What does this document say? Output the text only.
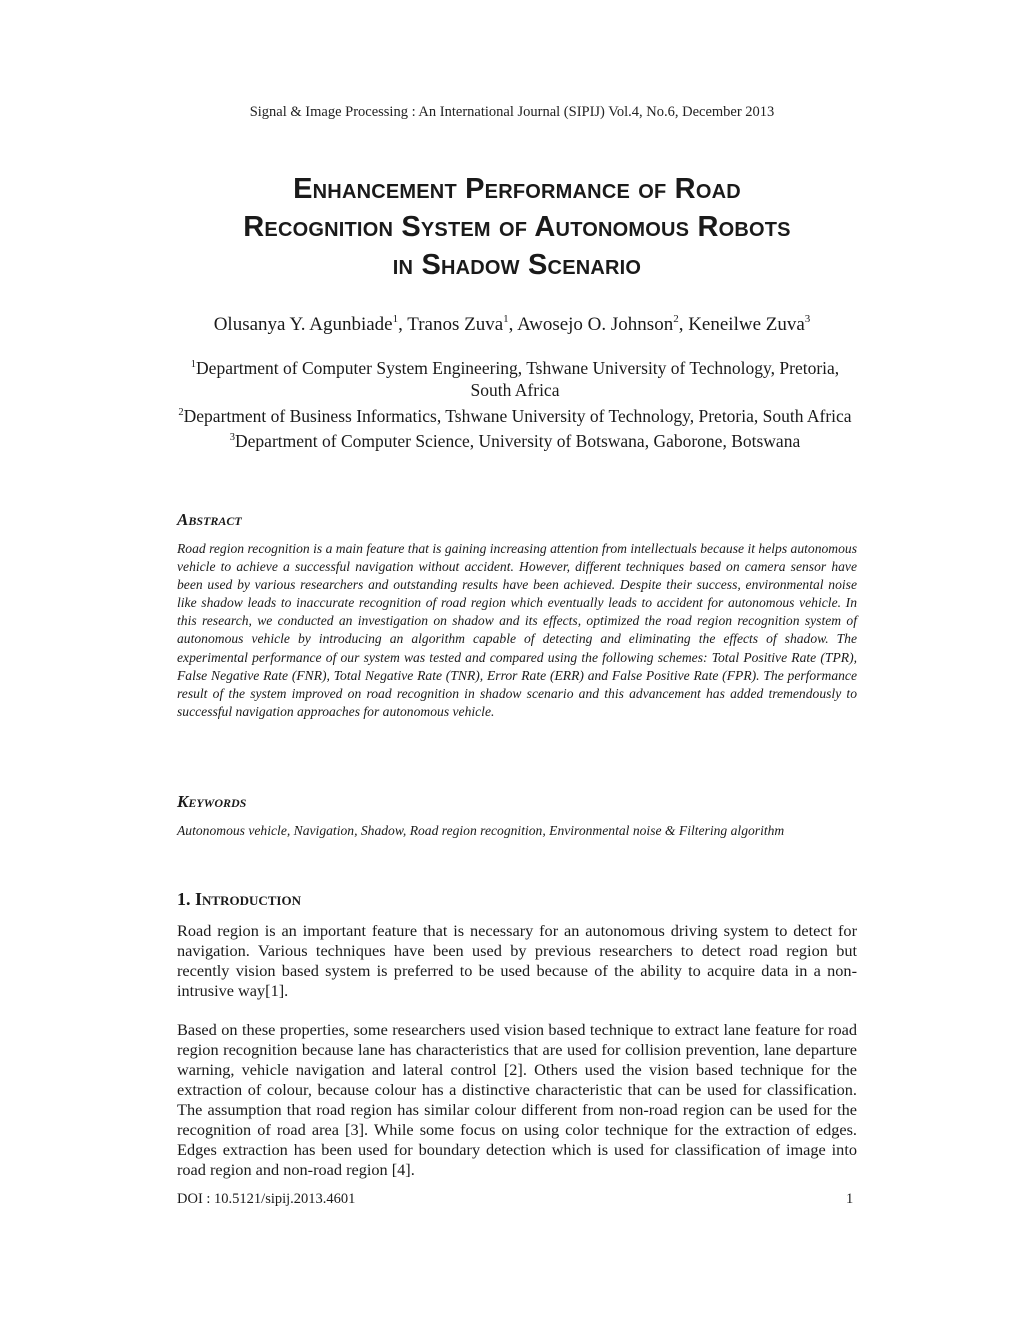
Signal & Image Processing : An International Journal (SIPIJ) Vol.4, No.6, December 2013
Enhancement Performance of Road
Recognition System of Autonomous Robots
in Shadow Scenario
Olusanya Y. Agunbiade$^1$, Tranos Zuva$^1$, Awosejo O. Johnson$^2$, Keneilwe Zuva$^3$
$^1$Department of Computer System Engineering, Tshwane University of Technology, Pretoria, South Africa
$^2$Department of Business Informatics, Tshwane University of Technology, Pretoria, South Africa
$^3$Department of Computer Science, University of Botswana, Gaborone, Botswana
Abstract
Road region recognition is a main feature that is gaining increasing attention from intellectuals because it helps autonomous vehicle to achieve a successful navigation without accident. However, different techniques based on camera sensor have been used by various researchers and outstanding results have been achieved. Despite their success, environmental noise like shadow leads to inaccurate recognition of road region which eventually leads to accident for autonomous vehicle. In this research, we conducted an investigation on shadow and its effects, optimized the road region recognition system of autonomous vehicle by introducing an algorithm capable of detecting and eliminating the effects of shadow. The experimental performance of our system was tested and compared using the following schemes: Total Positive Rate (TPR), False Negative Rate (FNR), Total Negative Rate (TNR), Error Rate (ERR) and False Positive Rate (FPR). The performance result of the system improved on road recognition in shadow scenario and this advancement has added tremendously to successful navigation approaches for autonomous vehicle.
Keywords
Autonomous vehicle, Navigation, Shadow, Road region recognition, Environmental noise & Filtering algorithm
1. Introduction
Road region is an important feature that is necessary for an autonomous driving system to detect for navigation. Various techniques have been used by previous researchers to detect road region but recently vision based system is preferred to be used because of the ability to acquire data in a non-intrusive way[1].
Based on these properties, some researchers used vision based technique to extract lane feature for road region recognition because lane has characteristics that are used for collision prevention, lane departure warning, vehicle navigation and lateral control [2]. Others used the vision based technique for the extraction of colour, because colour has a distinctive characteristic that can be used for classification. The assumption that road region has similar colour different from non-road region can be used for the recognition of road area [3]. While some focus on using color technique for the extraction of edges. Edges extraction has been used for boundary detection which is used for classification of image into road region and non-road region [4].
DOI : 10.5121/sipij.2013.4601	1
